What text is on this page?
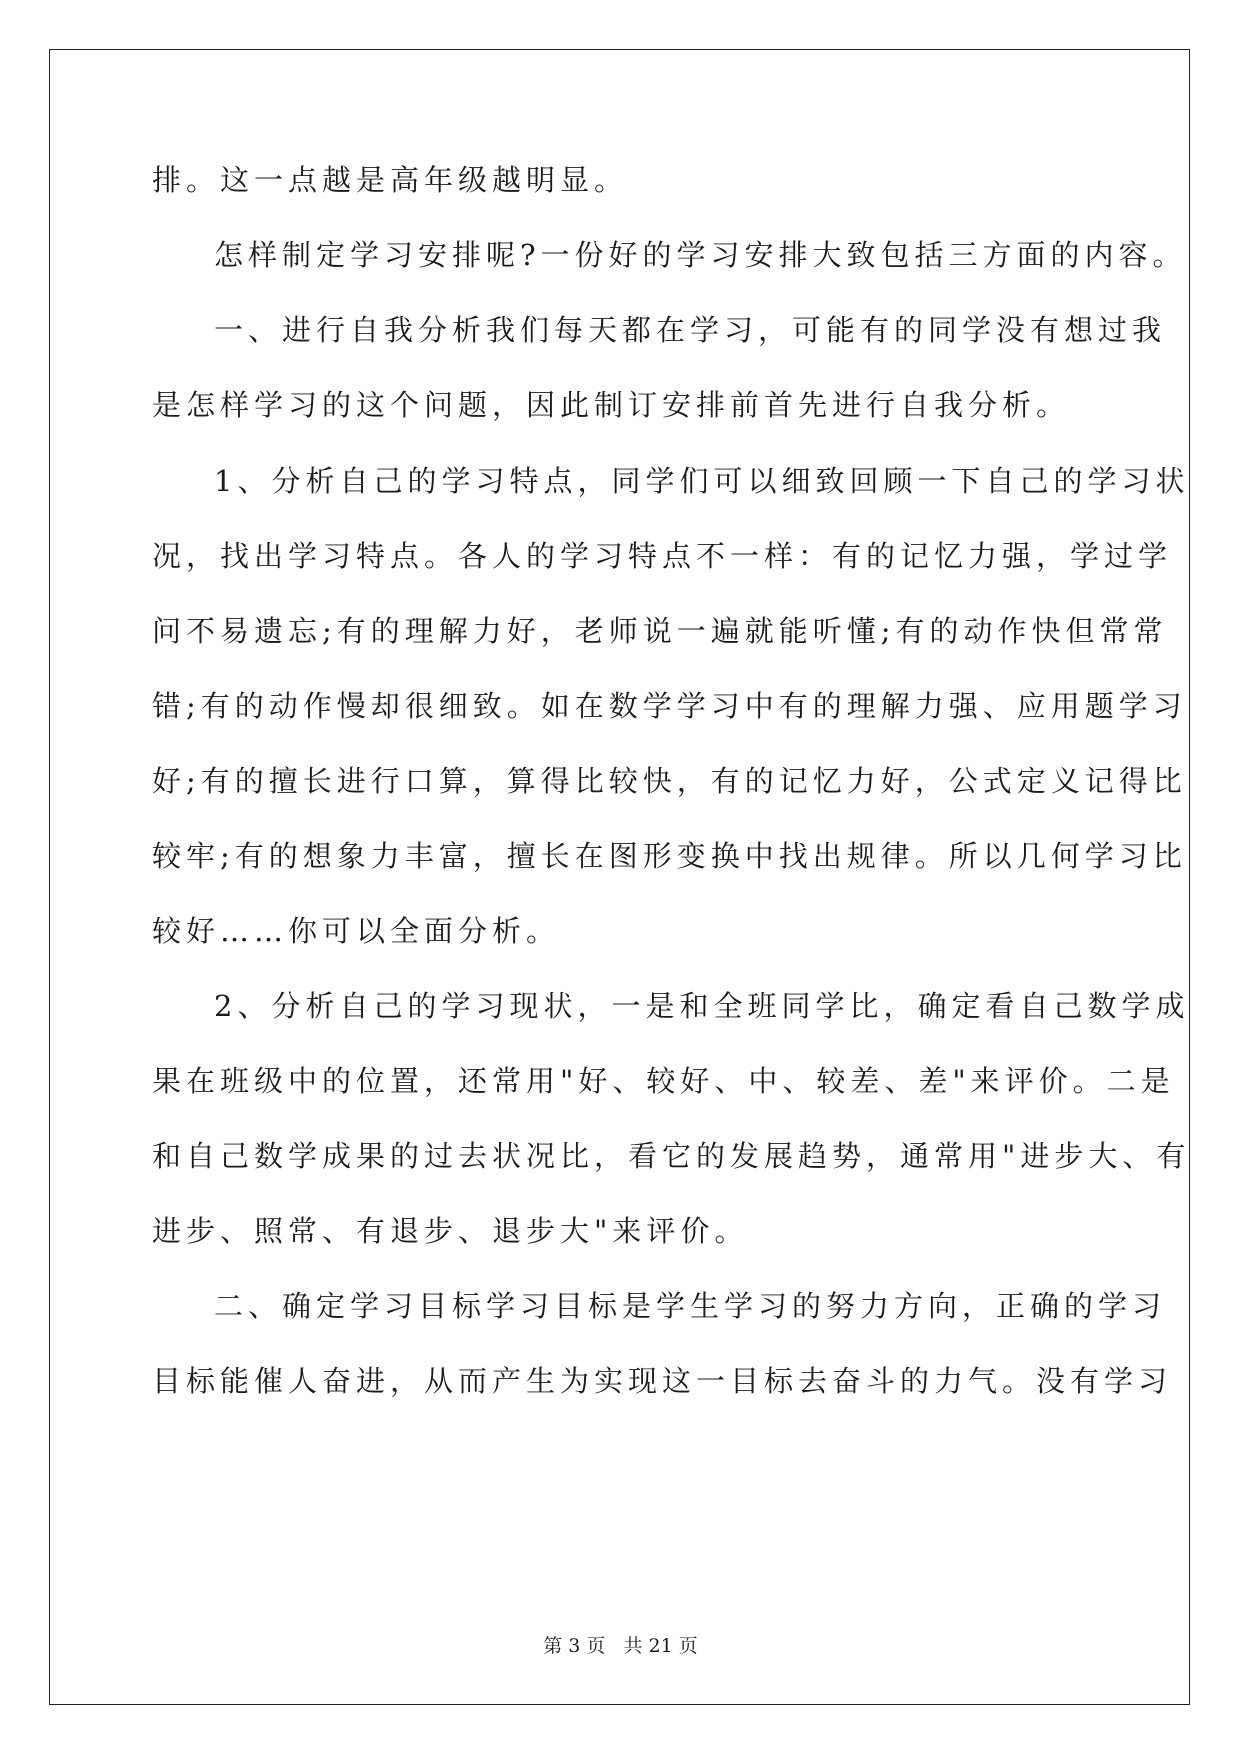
排。这一点越是高年级越明显。
怎样制定学习安排呢?一份好的学习安排大致包括三方面的内容。
一、进行自我分析我们每天都在学习，可能有的同学没有想过我
是怎样学习的这个问题，因此制订安排前首先进行自我分析。
1、分析自己的学习特点，同学们可以细致回顾一下自己的学习状
况，找出学习特点。各人的学习特点不一样：有的记忆力强，学过学
问不易遗忘;有的理解力好，老师说一遍就能听懂;有的动作快但常常
错;有的动作慢却很细致。如在数学学习中有的理解力强、应用题学习
好;有的擅长进行口算，算得比较快，有的记忆力好，公式定义记得比
较牢;有的想象力丰富，擅长在图形变换中找出规律。所以几何学习比
较好……你可以全面分析。
2、分析自己的学习现状，一是和全班同学比，确定看自己数学成
果在班级中的位置，还常用"好、较好、中、较差、差"来评价。二是
和自己数学成果的过去状况比，看它的发展趋势，通常用"进步大、有
进步、照常、有退步、退步大"来评价。
二、确定学习目标学习目标是学生学习的努力方向，正确的学习
目标能催人奋进，从而产生为实现这一目标去奋斗的力气。没有学习
第 3 页   共 21 页
